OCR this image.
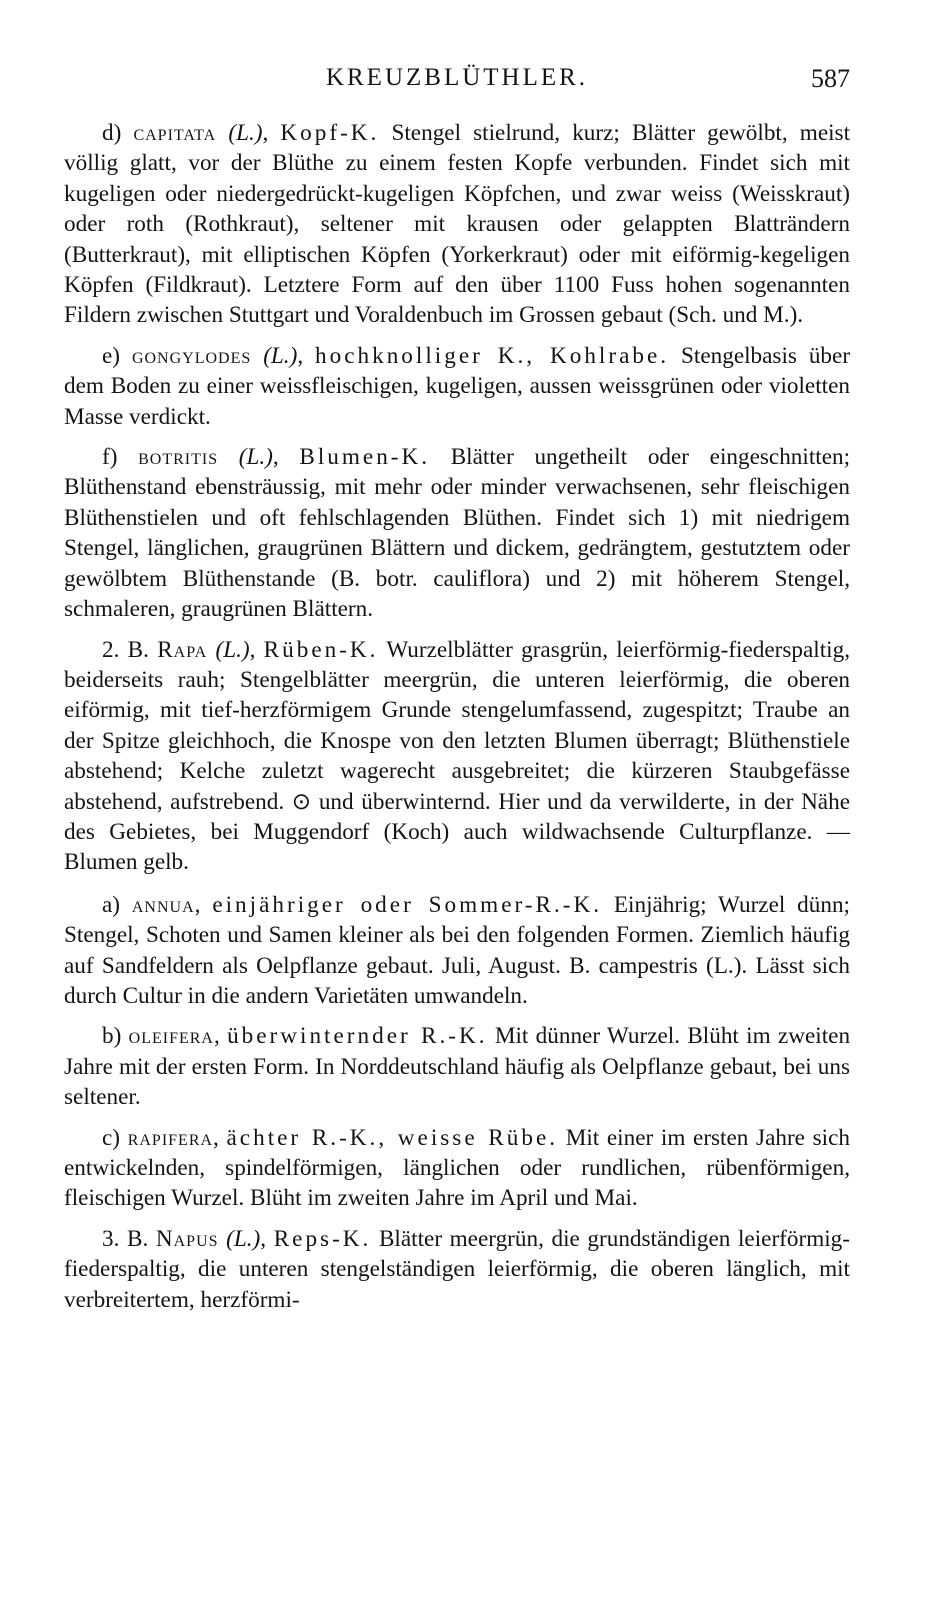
KREUZBLÜTHLER.	587

d) capitata (L.), Kopf-K. Stengel stielrund, kurz; Blätter gewölbt, meist völlig glatt, vor der Blüthe zu einem festen Kopfe verbunden. Findet sich mit kugeligen oder niedergedrückt-kugeligen Köpfchen, und zwar weiss (Weisskraut) oder roth (Rothkraut), seltener mit krausen oder gelappten Blatträndern (Butterkraut), mit elliptischen Köpfen (Yorkerkraut) oder mit eiförmig-kegeligen Köpfen (Fildkraut). Letztere Form auf den über 1100 Fuss hohen sogenannten Fildern zwischen Stuttgart und Voraldenbuch im Grossen gebaut (Sch. und M.).

e) gongylodes (L.), hochknolliger K., Kohlrabe. Stengelbasis über dem Boden zu einer weissfleischigen, kugeligen, aussen weissgrünen oder violetten Masse verdickt.

f) botritis (L.), Blumen-K. Blätter ungetheilt oder eingeschnitten; Blüthenstand ebensträussig, mit mehr oder minder verwachsenen, sehr fleischigen Blüthenstielen und oft fehlschlagenden Blüthen. Findet sich 1) mit niedrigem Stengel, länglichen, graugrünen Blättern und dickem, gedrängtem, gestutztem oder gewölbtem Blüthenstande (B. botr. cauliflora) und 2) mit höherem Stengel, schmaleren, graugrünen Blättern.

2. B. Rapa (L.), Rüben-K. Wurzelblätter grasgrün, leierförmig-fiederspaltig, beiderseits rauh; Stengelblätter meergrün, die unteren leierförmig, die oberen eiförmig, mit tief-herzförmigem Grunde stengelumfassend, zugespitzt; Traube an der Spitze gleichhoch, die Knospe von den letzten Blumen überragt; Blüthenstiele abstehend; Kelche zuletzt wagerecht ausgebreitet; die kürzeren Staubgefässe abstehend, aufstrebend. ⊙ und überwinternd. Hier und da verwilderte, in der Nähe des Gebietes, bei Muggendorf (Koch) auch wildwachsende Culturpflanze. — Blumen gelb.

a) annua, einjähriger oder Sommer-R.-K. Einjährig; Wurzel dünn; Stengel, Schoten und Samen kleiner als bei den folgenden Formen. Ziemlich häufig auf Sandfeldern als Oelpflanze gebaut. Juli, August. B. campestris (L.). Lässt sich durch Cultur in die andern Varietäten umwandeln.

b) oleifera, überwinternder R.-K. Mit dünner Wurzel. Blüht im zweiten Jahre mit der ersten Form. In Norddeutschland häufig als Oelpflanze gebaut, bei uns seltener.

c) rapifera, ächter R.-K., weisse Rübe. Mit einer im ersten Jahre sich entwickelnden, spindelförmigen, länglichen oder rundlichen, rübenförmigen, fleischigen Wurzel. Blüht im zweiten Jahre im April und Mai.

3. B. Napus (L.), Reps-K. Blätter meergrün, die grundständigen leierförmig-fiederspaltig, die unteren stengelständigen leierförmig, die oberen länglich, mit verbreitertem, herzförmi-
